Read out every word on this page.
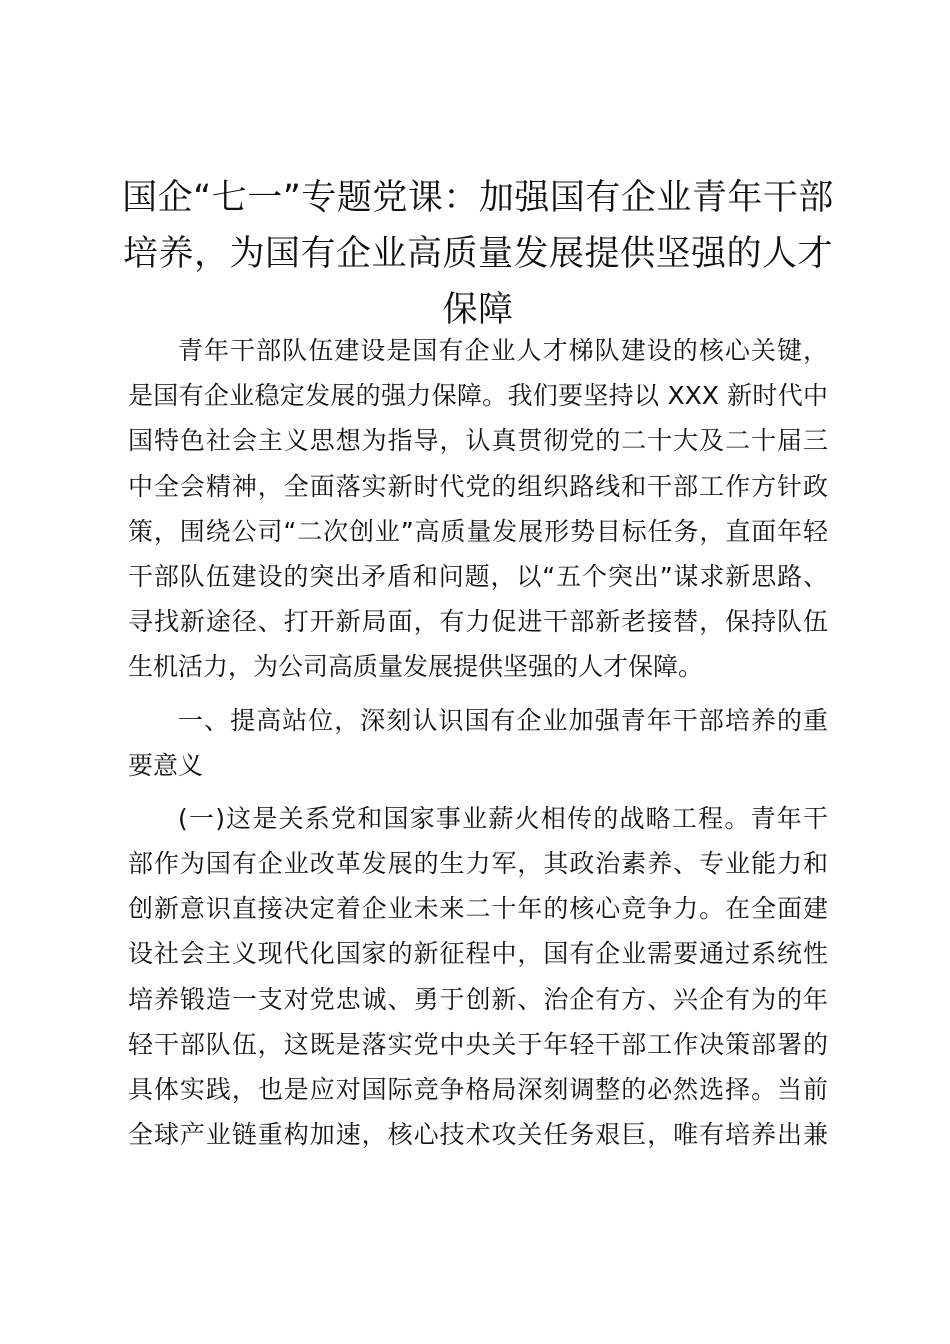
国企“七一”专题党课：加强国有企业青年干部
培养，为国有企业高质量发展提供坚强的人才
保障
青年干部队伍建设是国有企业人才梯队建设的核心关键，
是国有企业稳定发展的强力保障。我们要坚持以 XXX 新时代中
国特色社会主义思想为指导，认真贯彻党的二十大及二十届三
中全会精神，全面落实新时代党的组织路线和干部工作方针政
策，围绕公司“二次创业”高质量发展形势目标任务，直面年轻
干部队伍建设的突出矛盾和问题，以“五个突出”谋求新思路、
寻找新途径、打开新局面，有力促进干部新老接替，保持队伍
生机活力，为公司高质量发展提供坚强的人才保障。
一、提高站位，深刻认识国有企业加强青年干部培养的重
要意义
(一)这是关系党和国家事业薪火相传的战略工程。青年干
部作为国有企业改革发展的生力军，其政治素养、专业能力和
创新意识直接决定着企业未来二十年的核心竞争力。在全面建
设社会主义现代化国家的新征程中，国有企业需要通过系统性
培养锻造一支对党忠诚、勇于创新、治企有方、兴企有为的年
轻干部队伍，这既是落实党中央关于年轻干部工作决策部署的
具体实践，也是应对国际竞争格局深刻调整的必然选择。当前
全球产业链重构加速，核心技术攻关任务艰巨，唯有培养出兼
